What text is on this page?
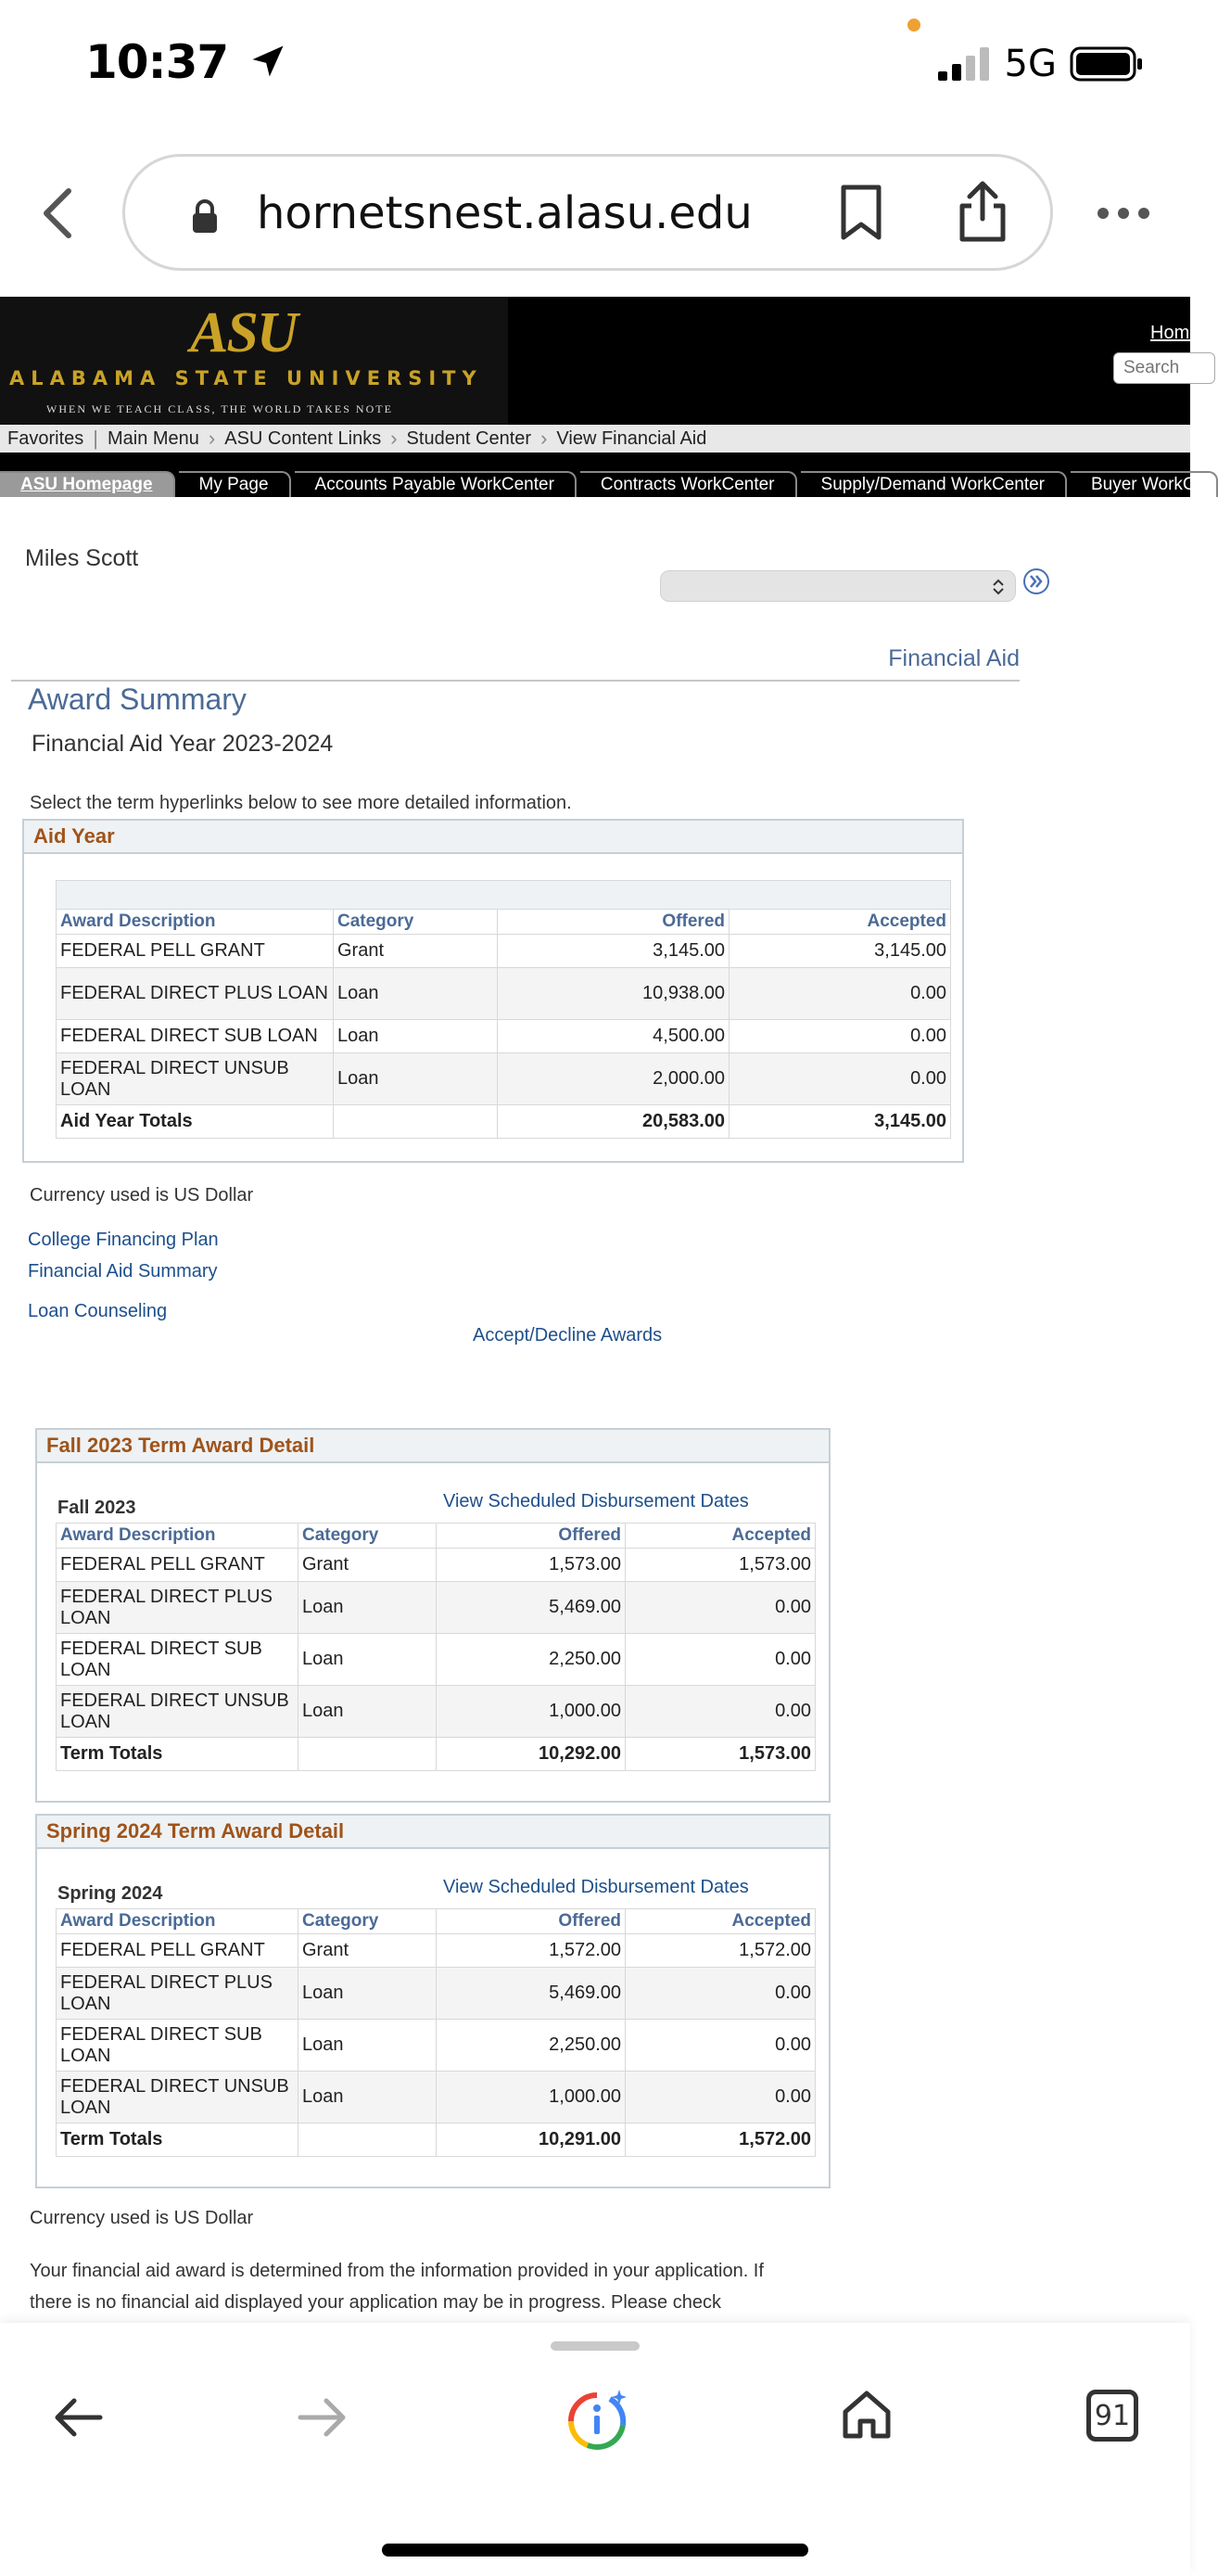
10:37	5G
hornetsnest.alasu.edu
ASU
ALABAMA STATE UNIVERSITY
WHEN WE TEACH CLASS, THE WORLD TAKES NOTE
Home
Search
Favorites | Main Menu › ASU Content Links › Student Center › View Financial Aid
ASU Homepage	My Page	Accounts Payable WorkCenter	Contracts WorkCenter	Supply/Demand WorkCenter	Buyer WorkC
Miles Scott
Financial Aid
Award Summary
Financial Aid Year 2023-2024
Select the term hyperlinks below to see more detailed information.
Aid Year

Award Description	Category	Offered	Accepted
FEDERAL PELL GRANT	Grant	3,145.00	3,145.00
FEDERAL DIRECT PLUS LOAN	Loan	10,938.00	0.00
FEDERAL DIRECT SUB LOAN	Loan	4,500.00	0.00
FEDERAL DIRECT UNSUB LOAN	Loan	2,000.00	0.00
Aid Year Totals		20,583.00	3,145.00
Currency used is US Dollar
College Financing Plan
Financial Aid Summary
Loan Counseling
Accept/Decline Awards
Fall 2023 Term Award Detail
Fall 2023	View Scheduled Disbursement Dates
Award Description	Category	Offered	Accepted
FEDERAL PELL GRANT	Grant	1,573.00	1,573.00
FEDERAL DIRECT PLUS LOAN	Loan	5,469.00	0.00
FEDERAL DIRECT SUB LOAN	Loan	2,250.00	0.00
FEDERAL DIRECT UNSUB LOAN	Loan	1,000.00	0.00
Term Totals		10,292.00	1,573.00
Spring 2024 Term Award Detail
Spring 2024	View Scheduled Disbursement Dates
Award Description	Category	Offered	Accepted
FEDERAL PELL GRANT	Grant	1,572.00	1,572.00
FEDERAL DIRECT PLUS LOAN	Loan	5,469.00	0.00
FEDERAL DIRECT SUB LOAN	Loan	2,250.00	0.00
FEDERAL DIRECT UNSUB LOAN	Loan	1,000.00	0.00
Term Totals		10,291.00	1,572.00
Currency used is US Dollar
Your financial aid award is determined from the information provided in your application. If there is no financial aid displayed your application may be in progress. Please check
91
